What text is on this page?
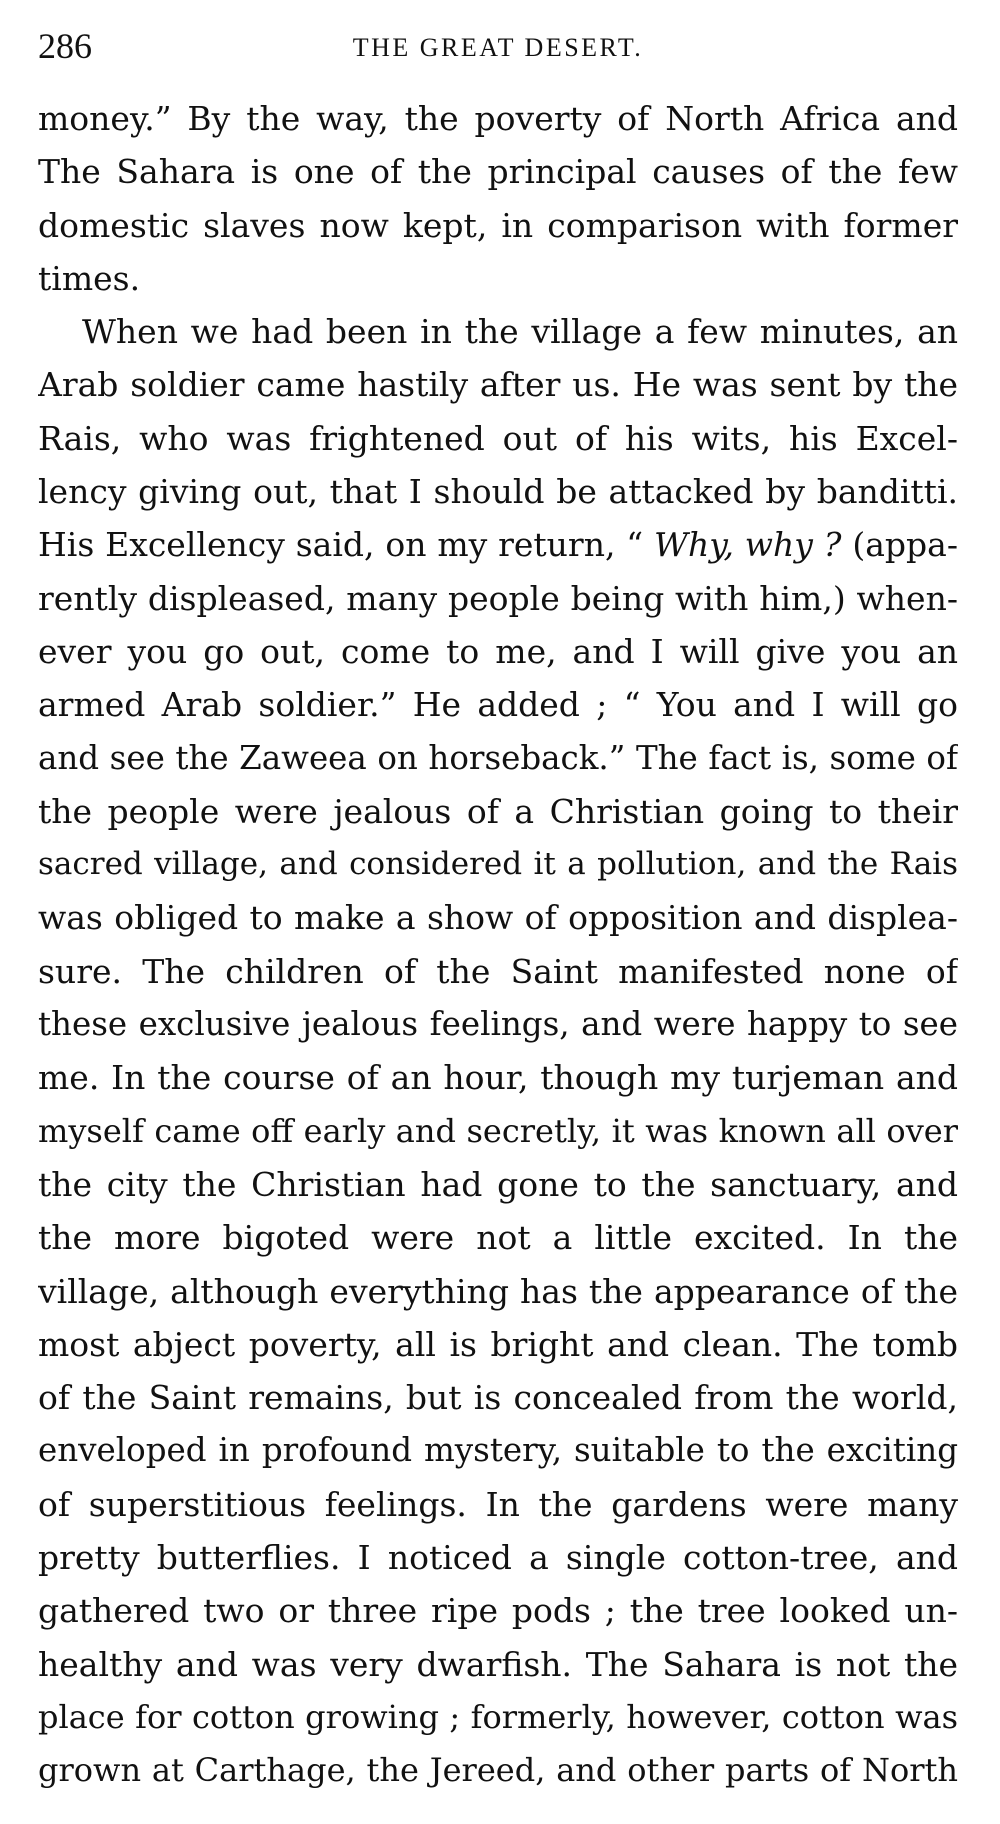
286	THE GREAT DESERT.
money.” By the way, the poverty of North Africa and
The Sahara is one of the principal causes of the few
domestic slaves now kept, in comparison with former
times.
When we had been in the village a few minutes, an
Arab soldier came hastily after us. He was sent by the
Rais, who was frightened out of his wits, his Excel-
lency giving out, that I should be attacked by banditti.
His Excellency said, on my return, “ Why, why ? (appa-
rently displeased, many people being with him,) when-
ever you go out, come to me, and I will give you an
armed Arab soldier.” He added ; “ You and I will go
and see the Zaweea on horseback.” The fact is, some of
the people were jealous of a Christian going to their
sacred village, and considered it a pollution, and the Rais
was obliged to make a show of opposition and displea-
sure. The children of the Saint manifested none of
these exclusive jealous feelings, and were happy to see
me. In the course of an hour, though my turjeman and
myself came off early and secretly, it was known all over
the city the Christian had gone to the sanctuary, and
the more bigoted were not a little excited. In the
village, although everything has the appearance of the
most abject poverty, all is bright and clean. The tomb
of the Saint remains, but is concealed from the world,
enveloped in profound mystery, suitable to the exciting
of superstitious feelings. In the gardens were many
pretty butterflies. I noticed a single cotton-tree, and
gathered two or three ripe pods ; the tree looked un-
healthy and was very dwarfish. The Sahara is not the
place for cotton growing ; formerly, however, cotton was
grown at Carthage, the Jereed, and other parts of North
